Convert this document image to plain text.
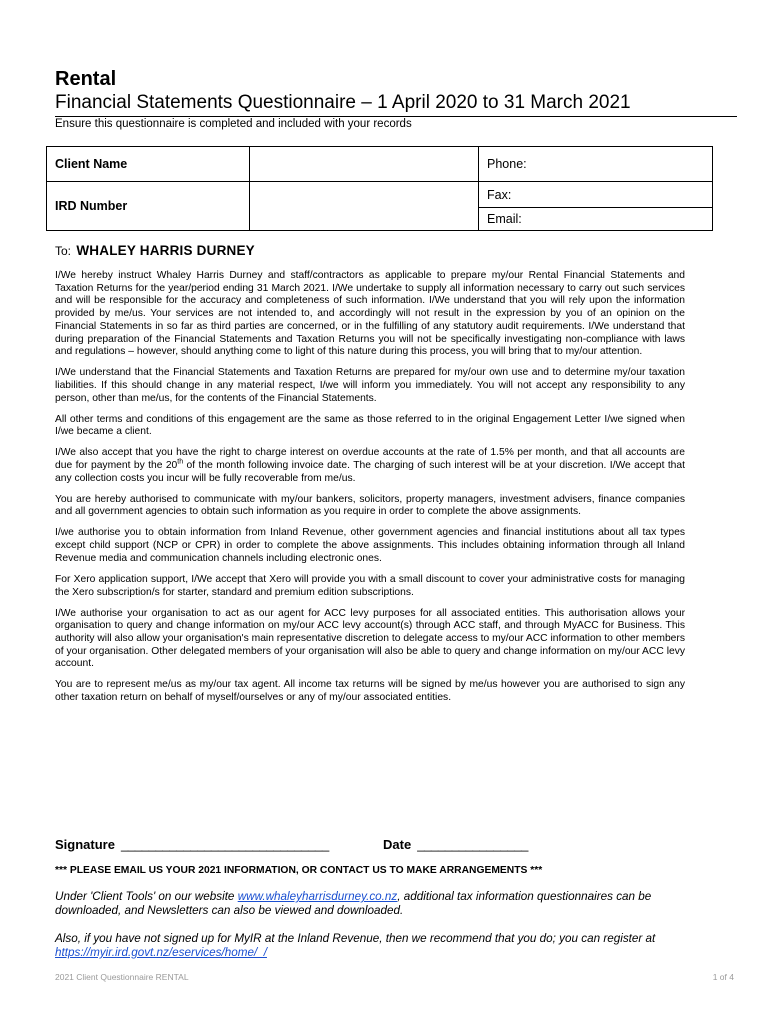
Rental
Financial Statements Questionnaire – 1 April 2020 to 31 March 2021
Ensure this questionnaire is completed and included with your records
Client Name		Phone:
IRD Number		Fax:
		Email:
To: WHALEY HARRIS DURNEY

I/We hereby instruct Whaley Harris Durney and staff/contractors as applicable to prepare my/our Rental Financial Statements and Taxation Returns for the year/period ending 31 March 2021. I/We undertake to supply all information necessary to carry out such services and will be responsible for the accuracy and completeness of such information. I/We understand that you will rely upon the information provided by me/us. Your services are not intended to, and accordingly will not result in the expression by you of an opinion on the Financial Statements in so far as third parties are concerned, or in the fulfilling of any statutory audit requirements. I/We understand that during preparation of the Financial Statements and Taxation Returns you will not be specifically investigating non-compliance with laws and regulations – however, should anything come to light of this nature during this process, you will bring that to my/our attention.

I/We understand that the Financial Statements and Taxation Returns are prepared for my/our own use and to determine my/our taxation liabilities. If this should change in any material respect, I/we will inform you immediately. You will not accept any responsibility to any person, other than me/us, for the contents of the Financial Statements.

All other terms and conditions of this engagement are the same as those referred to in the original Engagement Letter I/we signed when I/we became a client.

I/We also accept that you have the right to charge interest on overdue accounts at the rate of 1.5% per month, and that all accounts are due for payment by the 20th of the month following invoice date. The charging of such interest will be at your discretion. I/We accept that any collection costs you incur will be fully recoverable from me/us.

You are hereby authorised to communicate with my/our bankers, solicitors, property managers, investment advisers, finance companies and all government agencies to obtain such information as you require in order to complete the above assignments.

I/we authorise you to obtain information from Inland Revenue, other government agencies and financial institutions about all tax types except child support (NCP or CPR) in order to complete the above assignments. This includes obtaining information through all Inland Revenue media and communication channels including electronic ones.

For Xero application support, I/We accept that Xero will provide you with a small discount to cover your administrative costs for managing the Xero subscription/s for starter, standard and premium edition subscriptions.

I/We authorise your organisation to act as our agent for ACC levy purposes for all associated entities. This authorisation allows your organisation to query and change information on my/our ACC levy account(s) through ACC staff, and through MyACC for Business. This authority will also allow your organisation's main representative discretion to delegate access to my/our ACC information to other members of your organisation. Other delegated members of your organisation will also be able to query and change information on my/our ACC levy account.

You are to represent me/us as my/our tax agent. All income tax returns will be signed by me/us however you are authorised to sign any other taxation return on behalf of myself/ourselves or any of my/our associated entities.

Signature ______________________________	Date ________________
*** PLEASE EMAIL US YOUR 2021 INFORMATION, OR CONTACT US TO MAKE ARRANGEMENTS ***
Under 'Client Tools' on our website www.whaleyharrisdurney.co.nz, additional tax information questionnaires can be downloaded, and Newsletters can also be viewed and downloaded.
Also, if you have not signed up for MyIR at the Inland Revenue, then we recommend that you do; you can register at https://myir.ird.govt.nz/eservices/home/_/
2021 Client Questionnaire RENTAL	1 of 4
